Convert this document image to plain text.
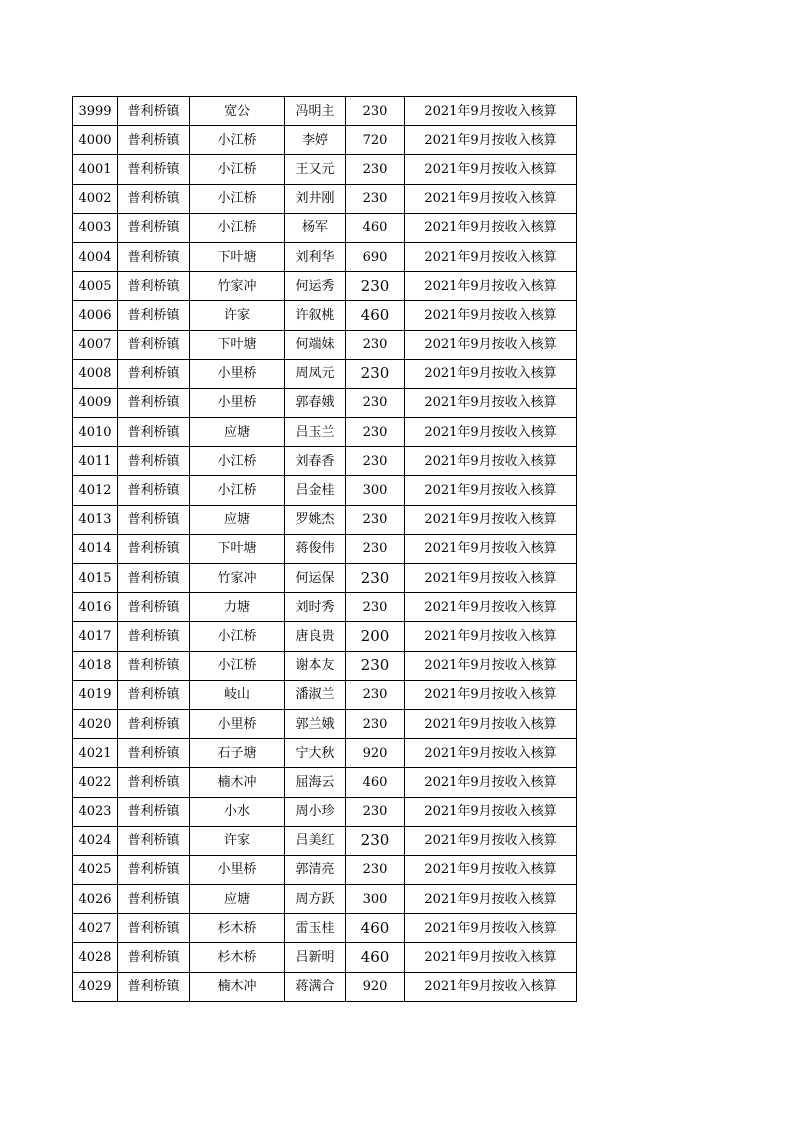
3999	普利桥镇	宽公	冯明主	230	2021年9月按收入核算
4000	普利桥镇	小江桥	李婷	720	2021年9月按收入核算
4001	普利桥镇	小江桥	王又元	230	2021年9月按收入核算
4002	普利桥镇	小江桥	刘井刚	230	2021年9月按收入核算
4003	普利桥镇	小江桥	杨军	460	2021年9月按收入核算
4004	普利桥镇	下叶塘	刘利华	690	2021年9月按收入核算
4005	普利桥镇	竹家冲	何运秀	230	2021年9月按收入核算
4006	普利桥镇	许家	许叙桃	460	2021年9月按收入核算
4007	普利桥镇	下叶塘	何端妹	230	2021年9月按收入核算
4008	普利桥镇	小里桥	周凤元	230	2021年9月按收入核算
4009	普利桥镇	小里桥	郭春娥	230	2021年9月按收入核算
4010	普利桥镇	应塘	吕玉兰	230	2021年9月按收入核算
4011	普利桥镇	小江桥	刘春香	230	2021年9月按收入核算
4012	普利桥镇	小江桥	吕金桂	300	2021年9月按收入核算
4013	普利桥镇	应塘	罗姚杰	230	2021年9月按收入核算
4014	普利桥镇	下叶塘	蒋俊伟	230	2021年9月按收入核算
4015	普利桥镇	竹家冲	何运保	230	2021年9月按收入核算
4016	普利桥镇	力塘	刘时秀	230	2021年9月按收入核算
4017	普利桥镇	小江桥	唐良贵	200	2021年9月按收入核算
4018	普利桥镇	小江桥	谢本友	230	2021年9月按收入核算
4019	普利桥镇	岐山	潘淑兰	230	2021年9月按收入核算
4020	普利桥镇	小里桥	郭兰娥	230	2021年9月按收入核算
4021	普利桥镇	石子塘	宁大秋	920	2021年9月按收入核算
4022	普利桥镇	楠木冲	屈海云	460	2021年9月按收入核算
4023	普利桥镇	小水	周小珍	230	2021年9月按收入核算
4024	普利桥镇	许家	吕美红	230	2021年9月按收入核算
4025	普利桥镇	小里桥	郭清亮	230	2021年9月按收入核算
4026	普利桥镇	应塘	周方跃	300	2021年9月按收入核算
4027	普利桥镇	杉木桥	雷玉桂	460	2021年9月按收入核算
4028	普利桥镇	杉木桥	吕新明	460	2021年9月按收入核算
4029	普利桥镇	楠木冲	蒋满合	920	2021年9月按收入核算
